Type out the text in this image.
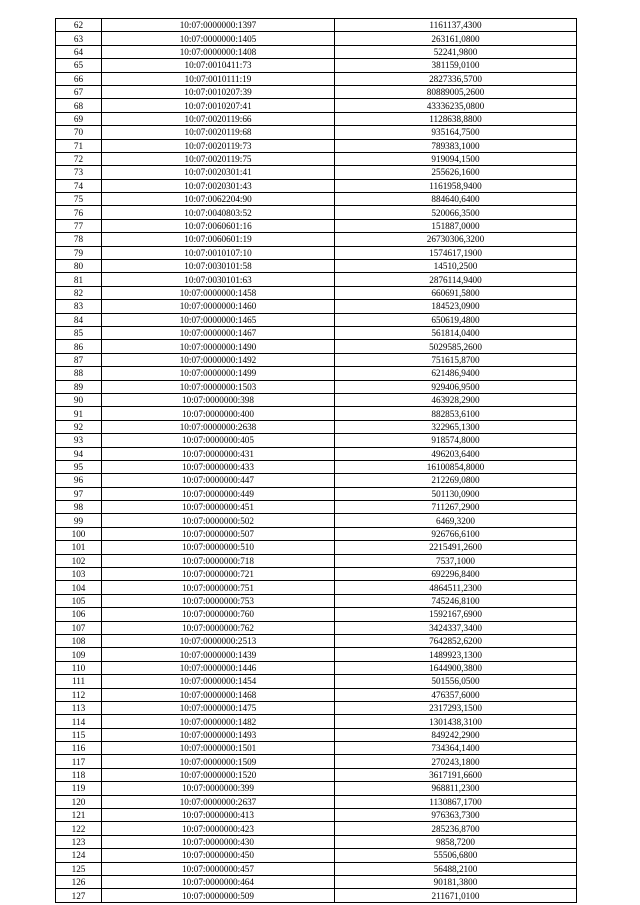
62	10:07:0000000:1397	1161137,4300
63	10:07:0000000:1405	263161,0800
64	10:07:0000000:1408	52241,9800
65	10:07:0010411:73	381159,0100
66	10:07:0010111:19	2827336,5700
67	10:07:0010207:39	80889005,2600
68	10:07:0010207:41	43336235,0800
69	10:07:0020119:66	1128638,8800
70	10:07:0020119:68	935164,7500
71	10:07:0020119:73	789383,1000
72	10:07:0020119:75	919094,1500
73	10:07:0020301:41	255626,1600
74	10:07:0020301:43	1161958,9400
75	10:07:0062204:90	884640,6400
76	10:07:0040803:52	520066,3500
77	10:07:0060601:16	151887,0000
78	10:07:0060601:19	26730306,3200
79	10:07:0010107:10	1574617,1900
80	10:07:0030101:58	14510,2500
81	10:07:0030101:63	2876114,9400
82	10:07:0000000:1458	660691,5800
83	10:07:0000000:1460	184523,0900
84	10:07:0000000:1465	650619,4800
85	10:07:0000000:1467	561814,0400
86	10:07:0000000:1490	5029585,2600
87	10:07:0000000:1492	751615,8700
88	10:07:0000000:1499	621486,9400
89	10:07:0000000:1503	929406,9500
90	10:07:0000000:398	463928,2900
91	10:07:0000000:400	882853,6100
92	10:07:0000000:2638	322965,1300
93	10:07:0000000:405	918574,8000
94	10:07:0000000:431	496203,6400
95	10:07:0000000:433	16100854,8000
96	10:07:0000000:447	212269,0800
97	10:07:0000000:449	501130,0900
98	10:07:0000000:451	711267,2900
99	10:07:0000000:502	6469,3200
100	10:07:0000000:507	926766,6100
101	10:07:0000000:510	2215491,2600
102	10:07:0000000:718	7537,1000
103	10:07:0000000:721	692296,8400
104	10:07:0000000:751	4864511,2300
105	10:07:0000000:753	745246,8100
106	10:07:0000000:760	1592167,6900
107	10:07:0000000:762	3424337,3400
108	10:07:0000000:2513	7642852,6200
109	10:07:0000000:1439	1489923,1300
110	10:07:0000000:1446	1644900,3800
111	10:07:0000000:1454	501556,0500
112	10:07:0000000:1468	476357,6000
113	10:07:0000000:1475	2317293,1500
114	10:07:0000000:1482	1301438,3100
115	10:07:0000000:1493	849242,2900
116	10:07:0000000:1501	734364,1400
117	10:07:0000000:1509	270243,1800
118	10:07:0000000:1520	3617191,6600
119	10:07:0000000:399	968811,2300
120	10:07:0000000:2637	1130867,1700
121	10:07:0000000:413	976363,7300
122	10:07:0000000:423	285236,8700
123	10:07:0000000:430	9858,7200
124	10:07:0000000:450	55506,6800
125	10:07:0000000:457	56488,2100
126	10:07:0000000:464	90181,3800
127	10:07:0000000:509	211671,0100
